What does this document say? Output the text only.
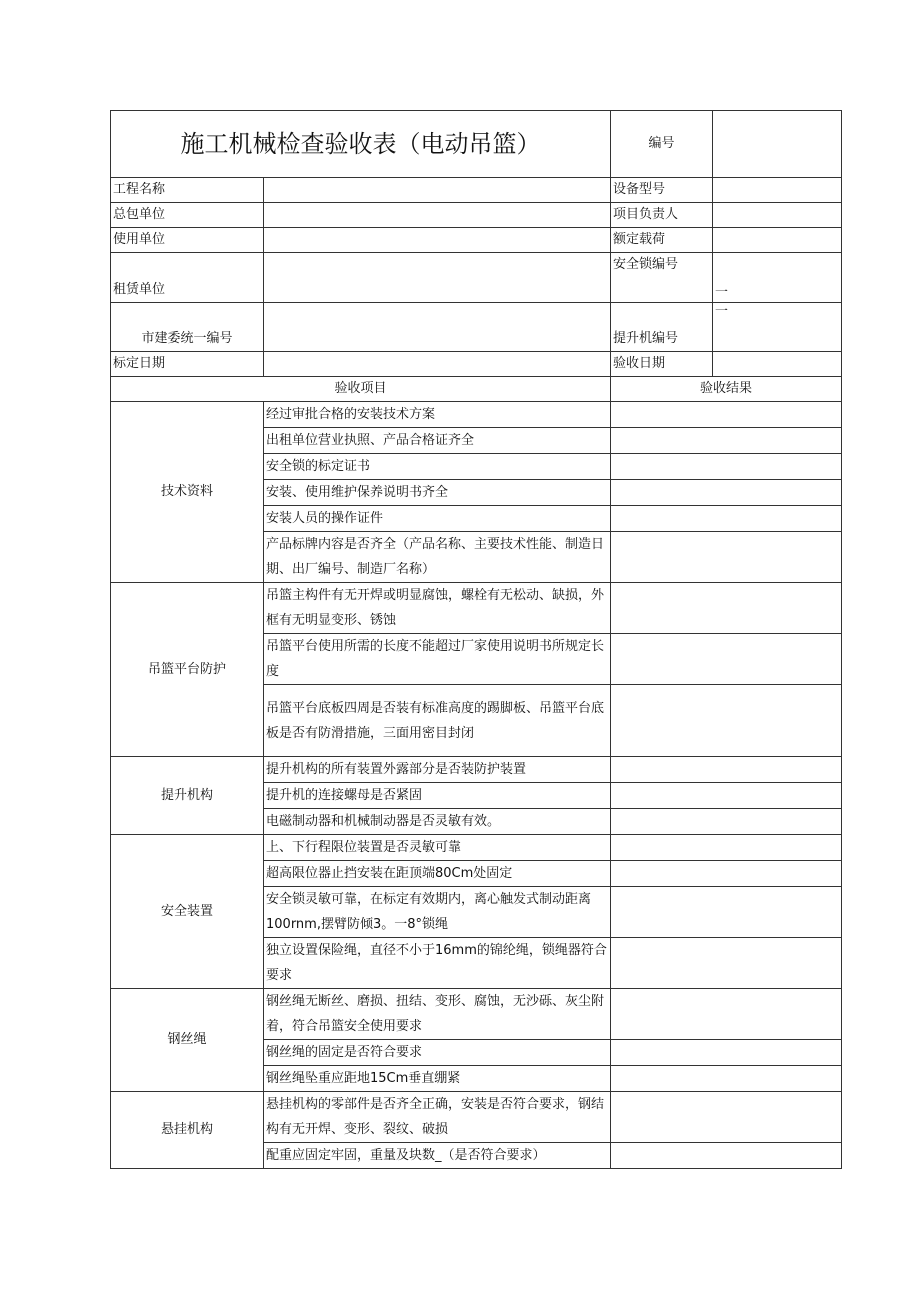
施工机械检查验收表（电动吊篮）		编号	
工程名称		设备型号	
总包单位		项目负责人	
使用单位		额定载荷	
租赁单位		安全锁编号	一

市建委统一编号		提升机编号	一

标定日期		验收日期	
验收项目		验收结果	
技术资料	经过审批合格的安装技术方案		
	出租单位营业执照、产品合格证齐全		
	安全锁的标定证书		
	安装、使用维护保养说明书齐全		
	安装人员的操作证件		
	产品标牌内容是否齐全（产品名称、主要技术性能、制造日期、出厂编号、制造厂名称）		
吊篮平台防护	吊篮主构件有无开焊或明显腐蚀，螺栓有无松动、缺损，外框有无明显变形、锈蚀		
	吊篮平台使用所需的长度不能超过厂家使用说明书所规定长度		
	吊篮平台底板四周是否装有标准高度的踢脚板、吊篮平台底板是否有防滑措施，三面用密目封闭		
提升机构	提升机构的所有装置外露部分是否装防护装置		
	提升机的连接螺母是否紧固		
	电磁制动器和机械制动器是否灵敏有效。		
安全装置	上、下行程限位装置是否灵敏可靠		
	超高限位器止挡安装在距顶端80Cm处固定		
	安全锁灵敏可靠，在标定有效期内，离心触发式制动距离100rnm,摆臂防倾3。一8°锁绳		
	独立设置保险绳，直径不小于16mm的锦纶绳，锁绳器符合要求		
钢丝绳	钢丝绳无断丝、磨损、扭结、变形、腐蚀，无沙砾、灰尘附着，符合吊篮安全使用要求		
	钢丝绳的固定是否符合要求		
	钢丝绳坠重应距地15Cm垂直绷紧		
悬挂机构	悬挂机构的零部件是否齐全正确，安装是否符合要求，钢结构有无开焊、变形、裂纹、破损		
	配重应固定牢固，重量及块数_（是否符合要求）		
